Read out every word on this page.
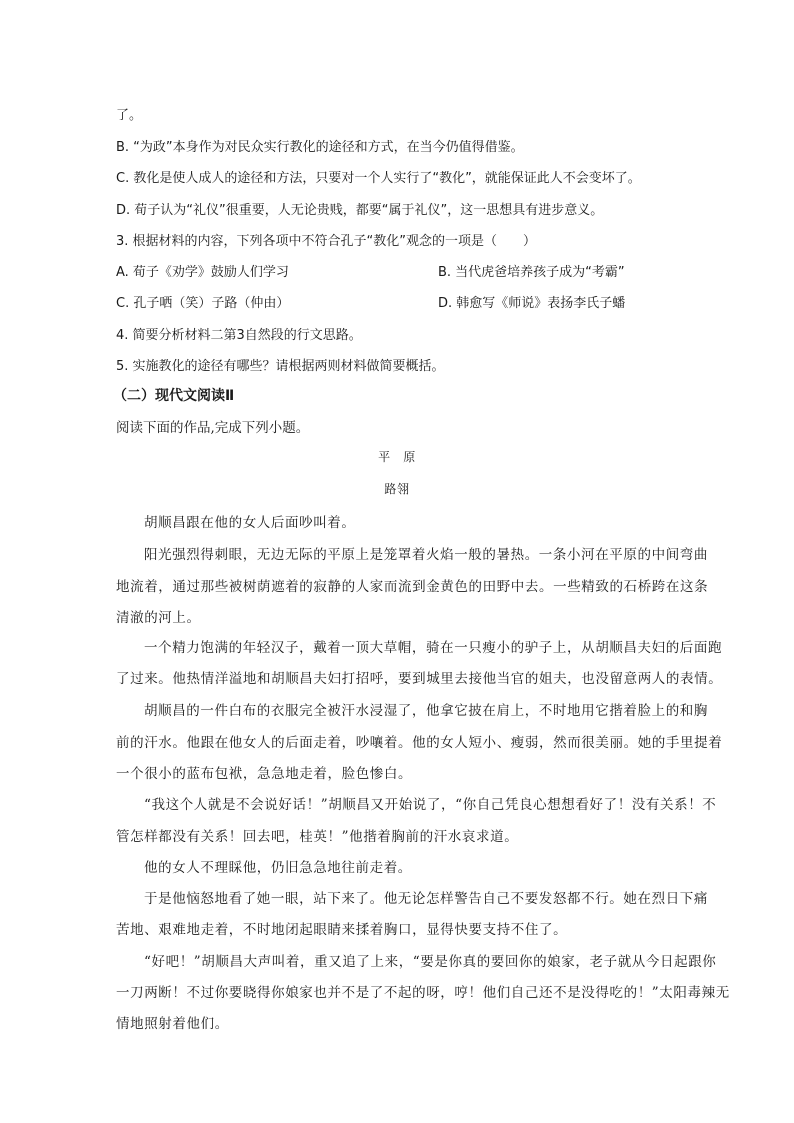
了。
B. “为政”本身作为对民众实行教化的途径和方式，在当今仍值得借鉴。
C. 教化是使人成人的途径和方法，只要对一个人实行了“教化”，就能保证此人不会变坏了。
D. 荀子认为“礼仪”很重要，人无论贵贱，都要“属于礼仪”，这一思想具有进步意义。
3. 根据材料的内容，下列各项中不符合孔子“教化”观念的一项是（　　）
A. 荀子《劝学》鼓励人们学习	B. 当代虎爸培养孩子成为“考霸”
C. 孔子哂（笑）子路（仲由）	D. 韩愈写《师说》表扬李氏子蟠
4. 简要分析材料二第3自然段的行文思路。
5. 实施教化的途径有哪些？请根据两则材料做简要概括。
（二）现代文阅读Ⅱ
阅读下面的作品,完成下列小题。
平　原
路翎
胡顺昌跟在他的女人后面吵叫着。
阳光强烈得刺眼，无边无际的平原上是笼罩着火焰一般的暑热。一条小河在平原的中间弯曲
地流着，通过那些被树荫遮着的寂静的人家而流到金黄色的田野中去。一些精致的石桥跨在这条
清澈的河上。
一个精力饱满的年轻汉子，戴着一顶大草帽，骑在一只瘦小的驴子上，从胡顺昌夫妇的后面跑
了过来。他热情洋溢地和胡顺昌夫妇打招呼，要到城里去接他当官的姐夫，也没留意两人的表情。
胡顺昌的一件白布的衣服完全被汗水浸湿了，他拿它披在肩上，不时地用它揩着脸上的和胸
前的汗水。他跟在他女人的后面走着，吵嚷着。他的女人短小、瘦弱，然而很美丽。她的手里提着
一个很小的蓝布包袱，急急地走着，脸色惨白。
“我这个人就是不会说好话！”胡顺昌又开始说了，“你自己凭良心想想看好了！没有关系！不
管怎样都没有关系！回去吧，桂英！”他揩着胸前的汗水哀求道。
他的女人不理睬他，仍旧急急地往前走着。
于是他恼怒地看了她一眼，站下来了。他无论怎样警告自己不要发怒都不行。她在烈日下痛
苦地、艰难地走着，不时地闭起眼睛来揉着胸口，显得快要支持不住了。
“好吧！”胡顺昌大声叫着，重又追了上来，“要是你真的要回你的娘家，老子就从今日起跟你
一刀两断！不过你要晓得你娘家也并不是了不起的呀，哼！他们自己还不是没得吃的！”太阳毒辣无
情地照射着他们。
